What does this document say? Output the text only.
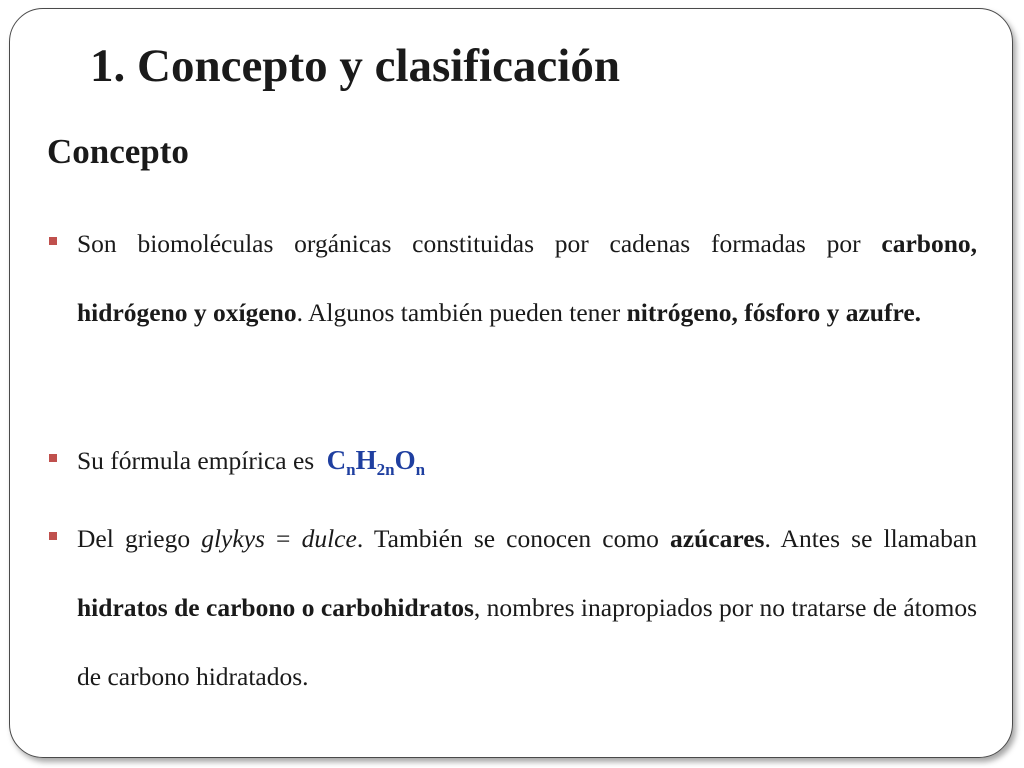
1. Concepto y clasificación
Concepto

Son biomoléculas orgánicas constituidas por cadenas formadas por carbono, hidrógeno y oxígeno. Algunos también pueden tener nitrógeno, fósforo y azufre.

Su fórmula empírica es $C_nH_{2n}O_n$

Del griego glykys = dulce. También se conocen como azúcares. Antes se llamaban hidratos de carbono o carbohidratos, nombres inapropiados por no tratarse de átomos de carbono hidratados.
